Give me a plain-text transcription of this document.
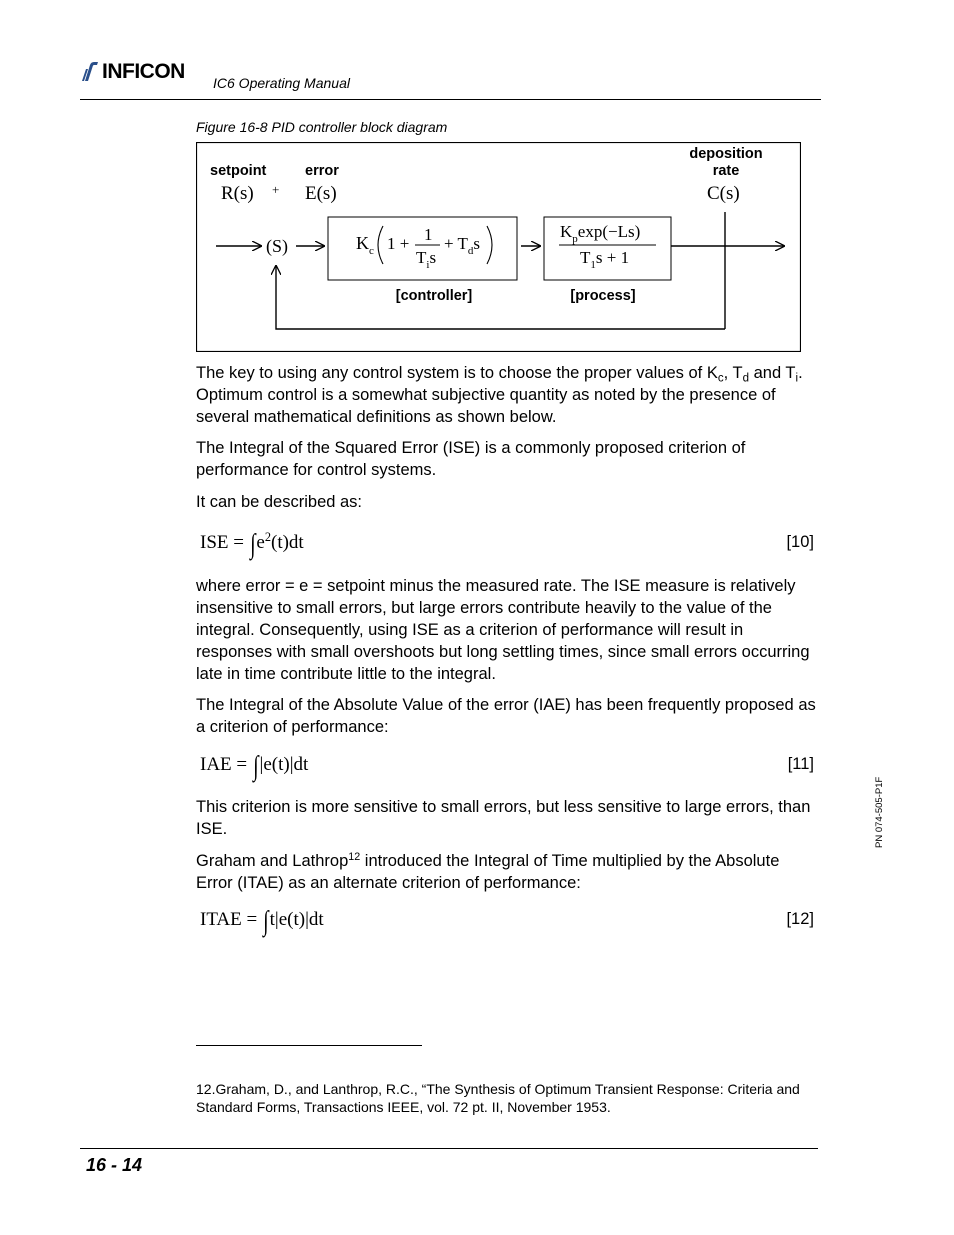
INFICON IC6 Operating Manual
Figure 16-8 PID controller block diagram
setpoint	error
deposition
rate
R(s) + E(s)	C(s)
(S)	$K_c$ 1 + 1
$T_is$
+ $T_ds$
$K_p\exp(-Ls)$
$T_1s + 1$
[controller]	[process]

The key to using any control system is to choose the proper values of $K_c$, $T_d$ and $T_i$. Optimum control is a somewhat subjective quantity as noted by the presence of several mathematical definitions as shown below.

The Integral of the Squared Error (ISE) is a commonly proposed criterion of performance for control systems.
It can be described as:
ISE = $\int e^2(t)dt$	[10]
where error = e = setpoint minus the measured rate. The ISE measure is relatively insensitive to small errors, but large errors contribute heavily to the value of the integral. Consequently, using ISE as a criterion of performance will result in responses with small overshoots but long settling times, since small errors occurring late in time contribute little to the integral.
The Integral of the Absolute Value of the error (IAE) has been frequently proposed as a criterion of performance:
IAE = ∫|e(t)|dt	[11]
This criterion is more sensitive to small errors, but less sensitive to large errors, than ISE.

Graham and Lathrop$^{12}$ introduced the Integral of Time multiplied by the Absolute Error (ITAE) as an alternate criterion of performance:

ITAE = ∫t|e(t)|dt	[12]
12.Graham, D., and Lanthrop, R.C., “The Synthesis of Optimum Transient Response: Criteria and Standard Forms, Transactions IEEE, vol. 72 pt. II, November 1953.
16 - 14
PN 074-505-P1F
